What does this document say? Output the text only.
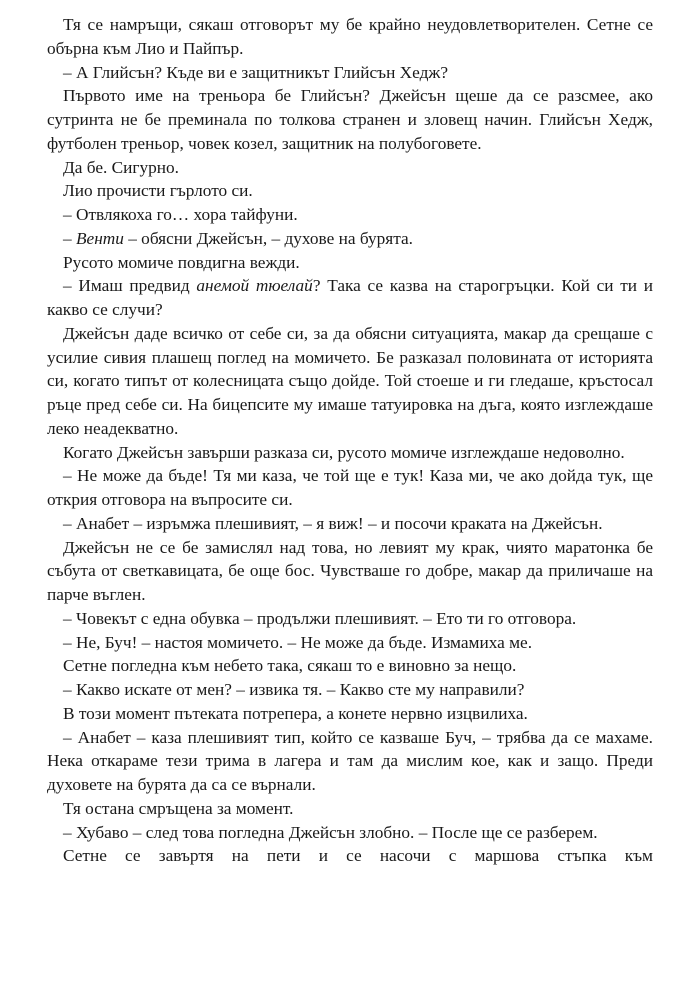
Тя се намръщи, сякаш отговорът му бе крайно неудовлетворителен. Сетне се обърна към Лио и Пайпър.

– А Глийсън? Къде ви е защитникът Глийсън Хедж?

Първото име на треньора бе Глийсън? Джейсън щеше да се разсмее, ако сутринта не бе преминала по толкова странен и зловещ начин. Глийсън Хедж, футболен треньор, човек козел, защитник на полубоговете.

Да бе. Сигурно.

Лио прочисти гърлото си.

– Отвлякоха го… хора тайфуни.

– Венти – обясни Джейсън, – духове на бурята.

Русото момиче повдигна вежди.

– Имаш предвид анемой тюелай? Така се казва на старогръцки. Кой си ти и какво се случи?

Джейсън даде всичко от себе си, за да обясни ситуацията, макар да срещаше с усилие сивия плашещ поглед на момичето. Бе разказал половината от историята си, когато типът от колесницата също дойде. Той стоеше и ги гледаше, кръстосал ръце пред себе си. На бицепсите му имаше татуировка на дъга, която изглеждаше леко неадекватно.

Когато Джейсън завърши разказа си, русото момиче изглеждаше недоволно.

– Не може да бъде! Тя ми каза, че той ще е тук! Каза ми, че ако дойда тук, ще открия отговора на въпросите си.

– Анабет – изръмжа плешивият, – я виж! – и посочи краката на Джейсън.

Джейсън не се бе замислял над това, но левият му крак, чиято маратонка бе събута от светкавицата, бе още бос. Чувстваше го добре, макар да приличаше на парче въглен.

– Човекът с една обувка – продължи плешивият. – Ето ти го отговора.

– Не, Буч! – настоя момичето. – Не може да бъде. Измамиха ме.

Сетне погледна към небето така, сякаш то е виновно за нещо.

– Какво искате от мен? – извика тя. – Какво сте му направили?

В този момент пътеката потрепера, а конете нервно изцвилиха.

– Анабет – каза плешивият тип, който се казваше Буч, – трябва да се махаме. Нека откараме тези трима в лагера и там да мислим кое, как и защо. Преди духовете на бурята да са се върнали.

Тя остана смръщена за момент.

– Хубаво – след това погледна Джейсън злобно. – После ще се разберем.

Сетне се завъртя на пети и се насочи с маршова стъпка към
